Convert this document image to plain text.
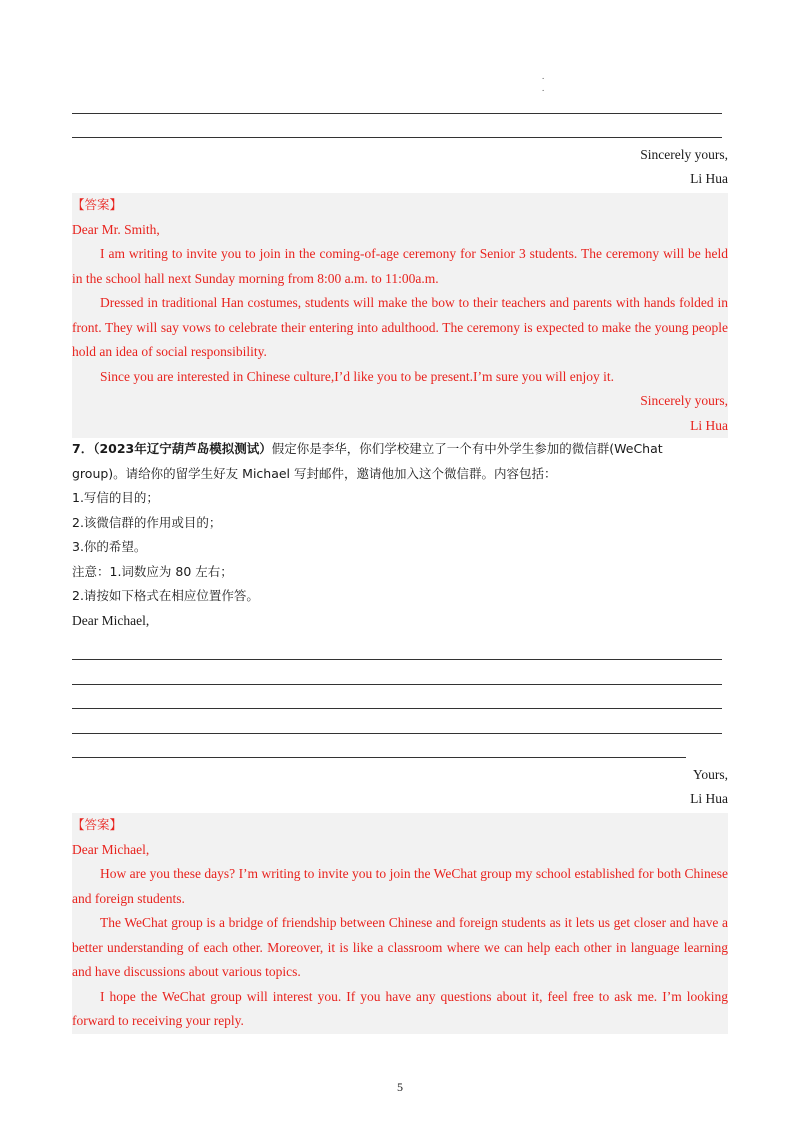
.
.
Sincerely yours,
Li Hua

【答案】

Dear Mr. Smith,

I am writing to invite you to join in the coming-of-age ceremony for Senior 3 students. The ceremony will be held in the school hall next Sunday morning from 8:00 a.m. to 11:00a.m.

Dressed in traditional Han costumes, students will make the bow to their teachers and parents with hands folded in front. They will say vows to celebrate their entering into adulthood. The ceremony is expected to make the young people hold an idea of social responsibility.

Since you are interested in Chinese culture,I’d like you to be present.I’m sure you will enjoy it.

Sincerely yours,

Li Hua

7．（2023年辽宁葫芦岛模拟测试）假定你是李华，你们学校建立了一个有中外学生参加的微信群(WeChat

group)。请给你的留学生好友 Michael 写封邮件，邀请他加入这个微信群。内容包括：

1.写信的目的；

2.该微信群的作用或目的；

3.你的希望。

注意：1.词数应为 80 左右；

2.请按如下格式在相应位置作答。

Dear Michael,

Yours,
Li Hua

【答案】

Dear Michael,

How are you these days? I’m writing to invite you to join the WeChat group my school established for both Chinese and foreign students.

The WeChat group is a bridge of friendship between Chinese and foreign students as it lets us get closer and have a better understanding of each other. Moreover, it is like a classroom where we can help each other in language learning and have discussions about various topics.

I hope the WeChat group will interest you. If you have any questions about it, feel free to ask me. I’m looking forward to receiving your reply.

5
